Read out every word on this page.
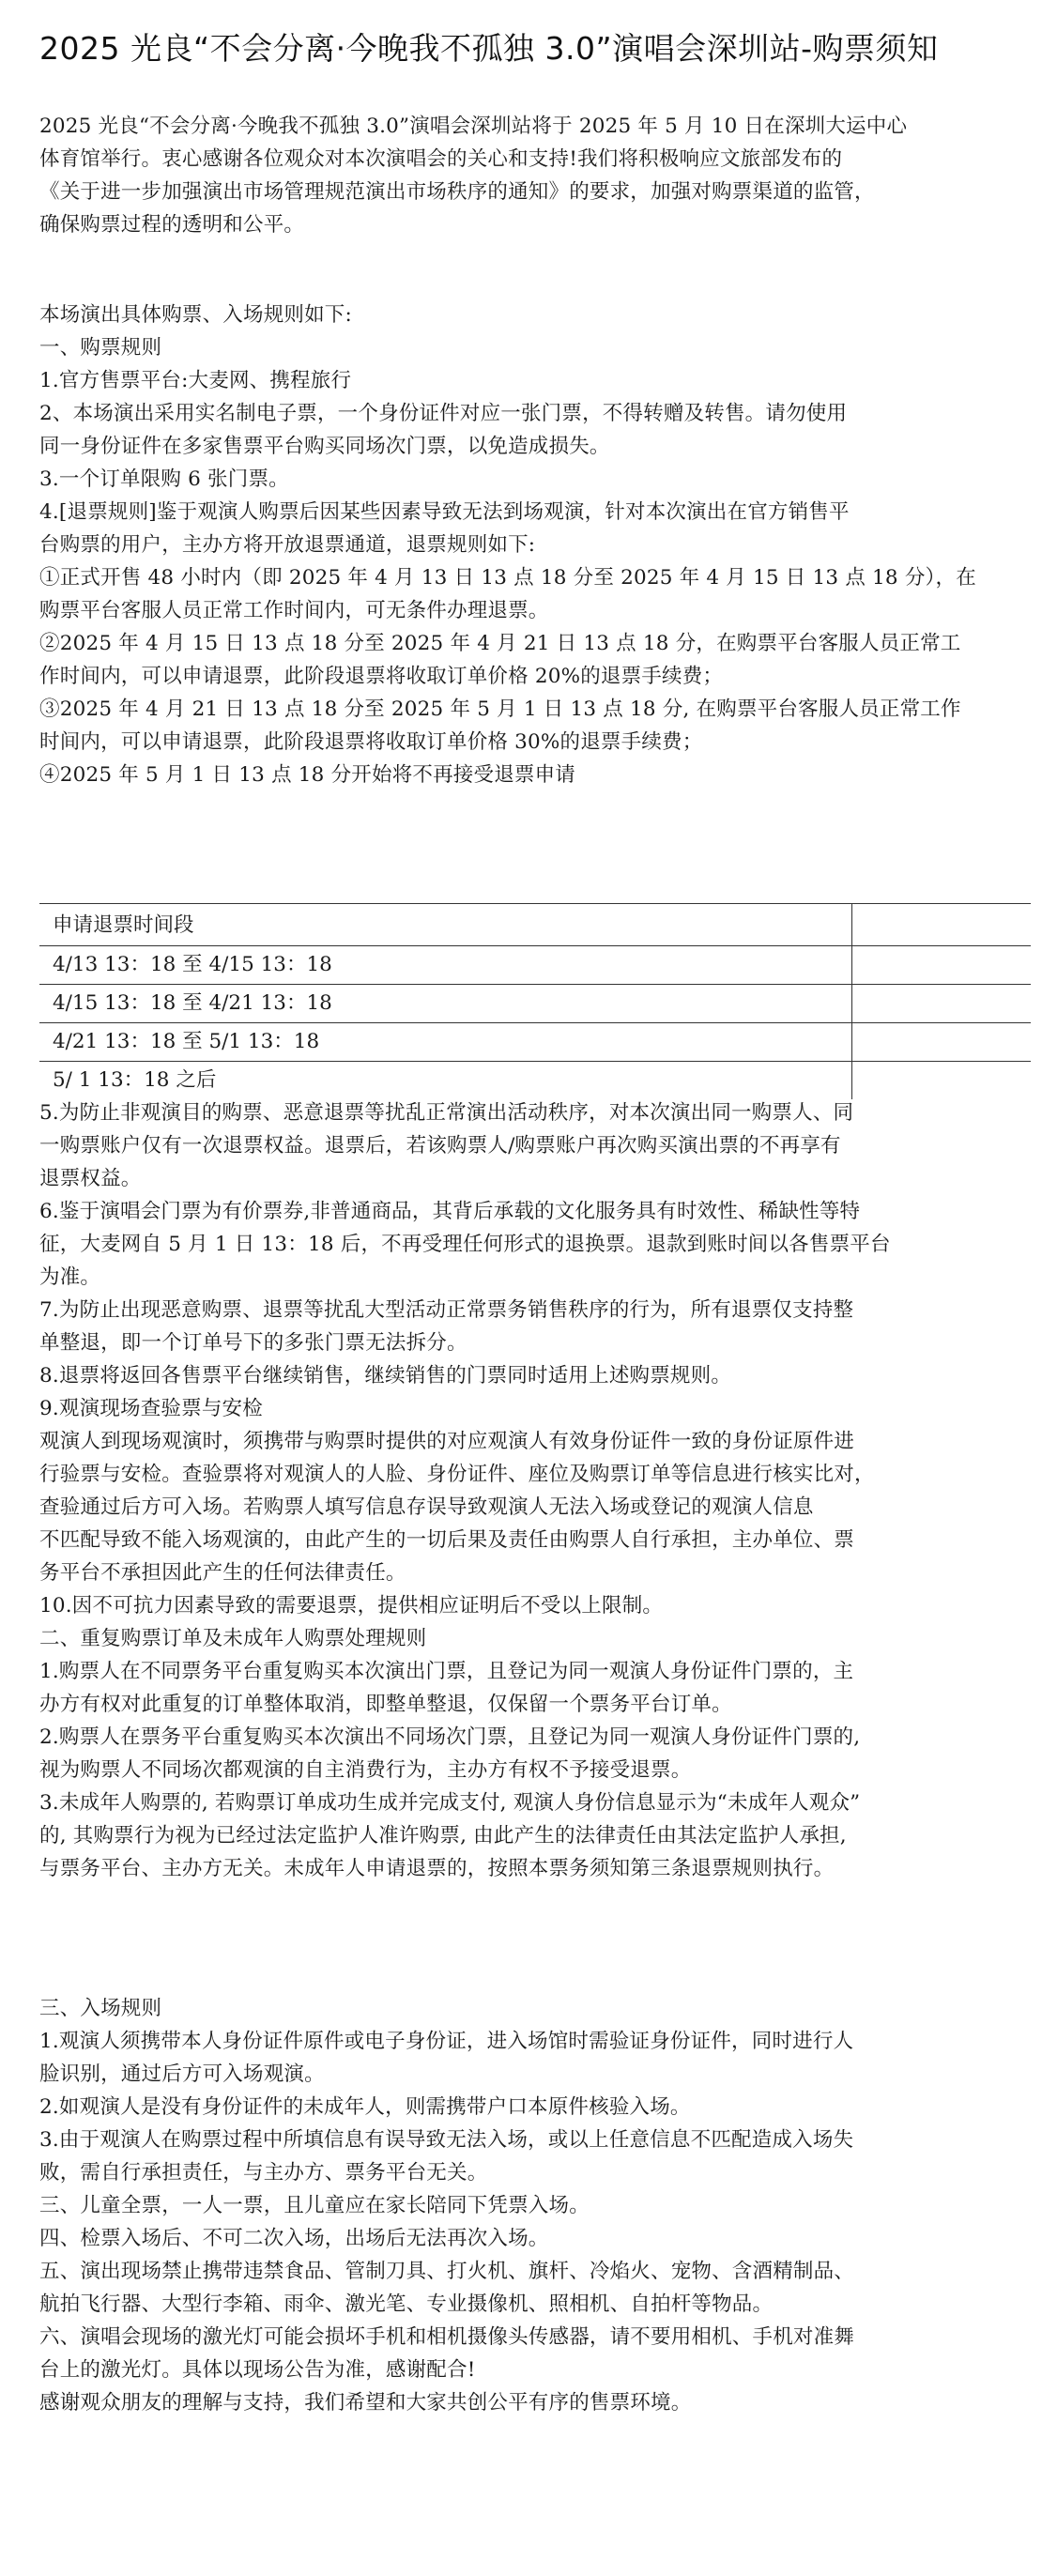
2025 光良“不会分离·今晚我不孤独 3.0”演唱会深圳站-购票须知

2025 光良“不会分离·今晚我不孤独 3.0”演唱会深圳站将于 2025 年 5 月 10 日在深圳大运中心

体育馆举行。衷心感谢各位观众对本次演唱会的关心和支持!我们将积极响应文旅部发布的

《关于进一步加强演出市场管理规范演出市场秩序的通知》的要求，加强对购票渠道的监管，

确保购票过程的透明和公平。

本场演出具体购票、入场规则如下:

一、购票规则

1.官方售票平台:大麦网、携程旅行

2、本场演出采用实名制电子票，一个身份证件对应一张门票，不得转赠及转售。请勿使用

同一身份证件在多家售票平台购买同场次门票，以免造成损失。

3.一个订单限购 6 张门票。

4.[退票规则]鉴于观演人购票后因某些因素导致无法到场观演，针对本次演出在官方销售平

台购票的用户，主办方将开放退票通道，退票规则如下:

①正式开售 48 小时内（即 2025 年 4 月 13 日 13 点 18 分至 2025 年 4 月 15 日 13 点 18 分），在

购票平台客服人员正常工作时间内，可无条件办理退票。

②2025 年 4 月 15 日 13 点 18 分至 2025 年 4 月 21 日 13 点 18 分，在购票平台客服人员正常工

作时间内，可以申请退票，此阶段退票将收取订单价格 20%的退票手续费；

③2025 年 4 月 21 日 13 点 18 分至 2025 年 5 月 1 日 13 点 18 分, 在购票平台客服人员正常工作

时间内，可以申请退票，此阶段退票将收取订单价格 30%的退票手续费；

④2025 年 5 月 1 日 13 点 18 分开始将不再接受退票申请

申请退票时间段
4/13 13：18 至 4/15 13：18
4/15 13：18 至 4/21 13：18
4/21 13：18 至 5/1 13：18
5/ 1 13：18 之后

5.为防止非观演目的购票、恶意退票等扰乱正常演出活动秩序，对本次演出同一购票人、同

一购票账户仅有一次退票权益。退票后，若该购票人/购票账户再次购买演出票的不再享有

退票权益。

6.鉴于演唱会门票为有价票券,非普通商品，其背后承载的文化服务具有时效性、稀缺性等特

征，大麦网自 5 月 1 日 13：18 后，不再受理任何形式的退换票。退款到账时间以各售票平台

为准。

7.为防止出现恶意购票、退票等扰乱大型活动正常票务销售秩序的行为，所有退票仅支持整

单整退，即一个订单号下的多张门票无法拆分。

8.退票将返回各售票平台继续销售，继续销售的门票同时适用上述购票规则。

9.观演现场查验票与安检

观演人到现场观演时，须携带与购票时提供的对应观演人有效身份证件一致的身份证原件进

行验票与安检。查验票将对观演人的人脸、身份证件、座位及购票订单等信息进行核实比对，

查验通过后方可入场。若购票人填写信息存误导致观演人无法入场或登记的观演人信息

不匹配导致不能入场观演的，由此产生的一切后果及责任由购票人自行承担，主办单位、票

务平台不承担因此产生的任何法律责任。

10.因不可抗力因素导致的需要退票，提供相应证明后不受以上限制。

二、重复购票订单及未成年人购票处理规则

1.购票人在不同票务平台重复购买本次演出门票，且登记为同一观演人身份证件门票的，主

办方有权对此重复的订单整体取消，即整单整退，仅保留一个票务平台订单。

2.购票人在票务平台重复购买本次演出不同场次门票，且登记为同一观演人身份证件门票的,

视为购票人不同场次都观演的自主消费行为，主办方有权不予接受退票。

3.未成年人购票的, 若购票订单成功生成并完成支付, 观演人身份信息显示为“未成年人观众”

的, 其购票行为视为已经过法定监护人准许购票, 由此产生的法律责任由其法定监护人承担,

与票务平台、主办方无关。未成年人申请退票的，按照本票务须知第三条退票规则执行。

三、入场规则

1.观演人须携带本人身份证件原件或电子身份证，进入场馆时需验证身份证件，同时进行人

脸识别，通过后方可入场观演。

2.如观演人是没有身份证件的未成年人，则需携带户口本原件核验入场。

3.由于观演人在购票过程中所填信息有误导致无法入场，或以上任意信息不匹配造成入场失

败，需自行承担责任，与主办方、票务平台无关。

三、儿童全票，一人一票，且儿童应在家长陪同下凭票入场。

四、检票入场后、不可二次入场，出场后无法再次入场。

五、演出现场禁止携带违禁食品、管制刀具、打火机、旗杆、冷焰火、宠物、含酒精制品、

航拍飞行器、大型行李箱、雨伞、激光笔、专业摄像机、照相机、自拍杆等物品。

六、演唱会现场的激光灯可能会损坏手机和相机摄像头传感器，请不要用相机、手机对准舞

台上的激光灯。具体以现场公告为准，感谢配合!

感谢观众朋友的理解与支持，我们希望和大家共创公平有序的售票环境。
